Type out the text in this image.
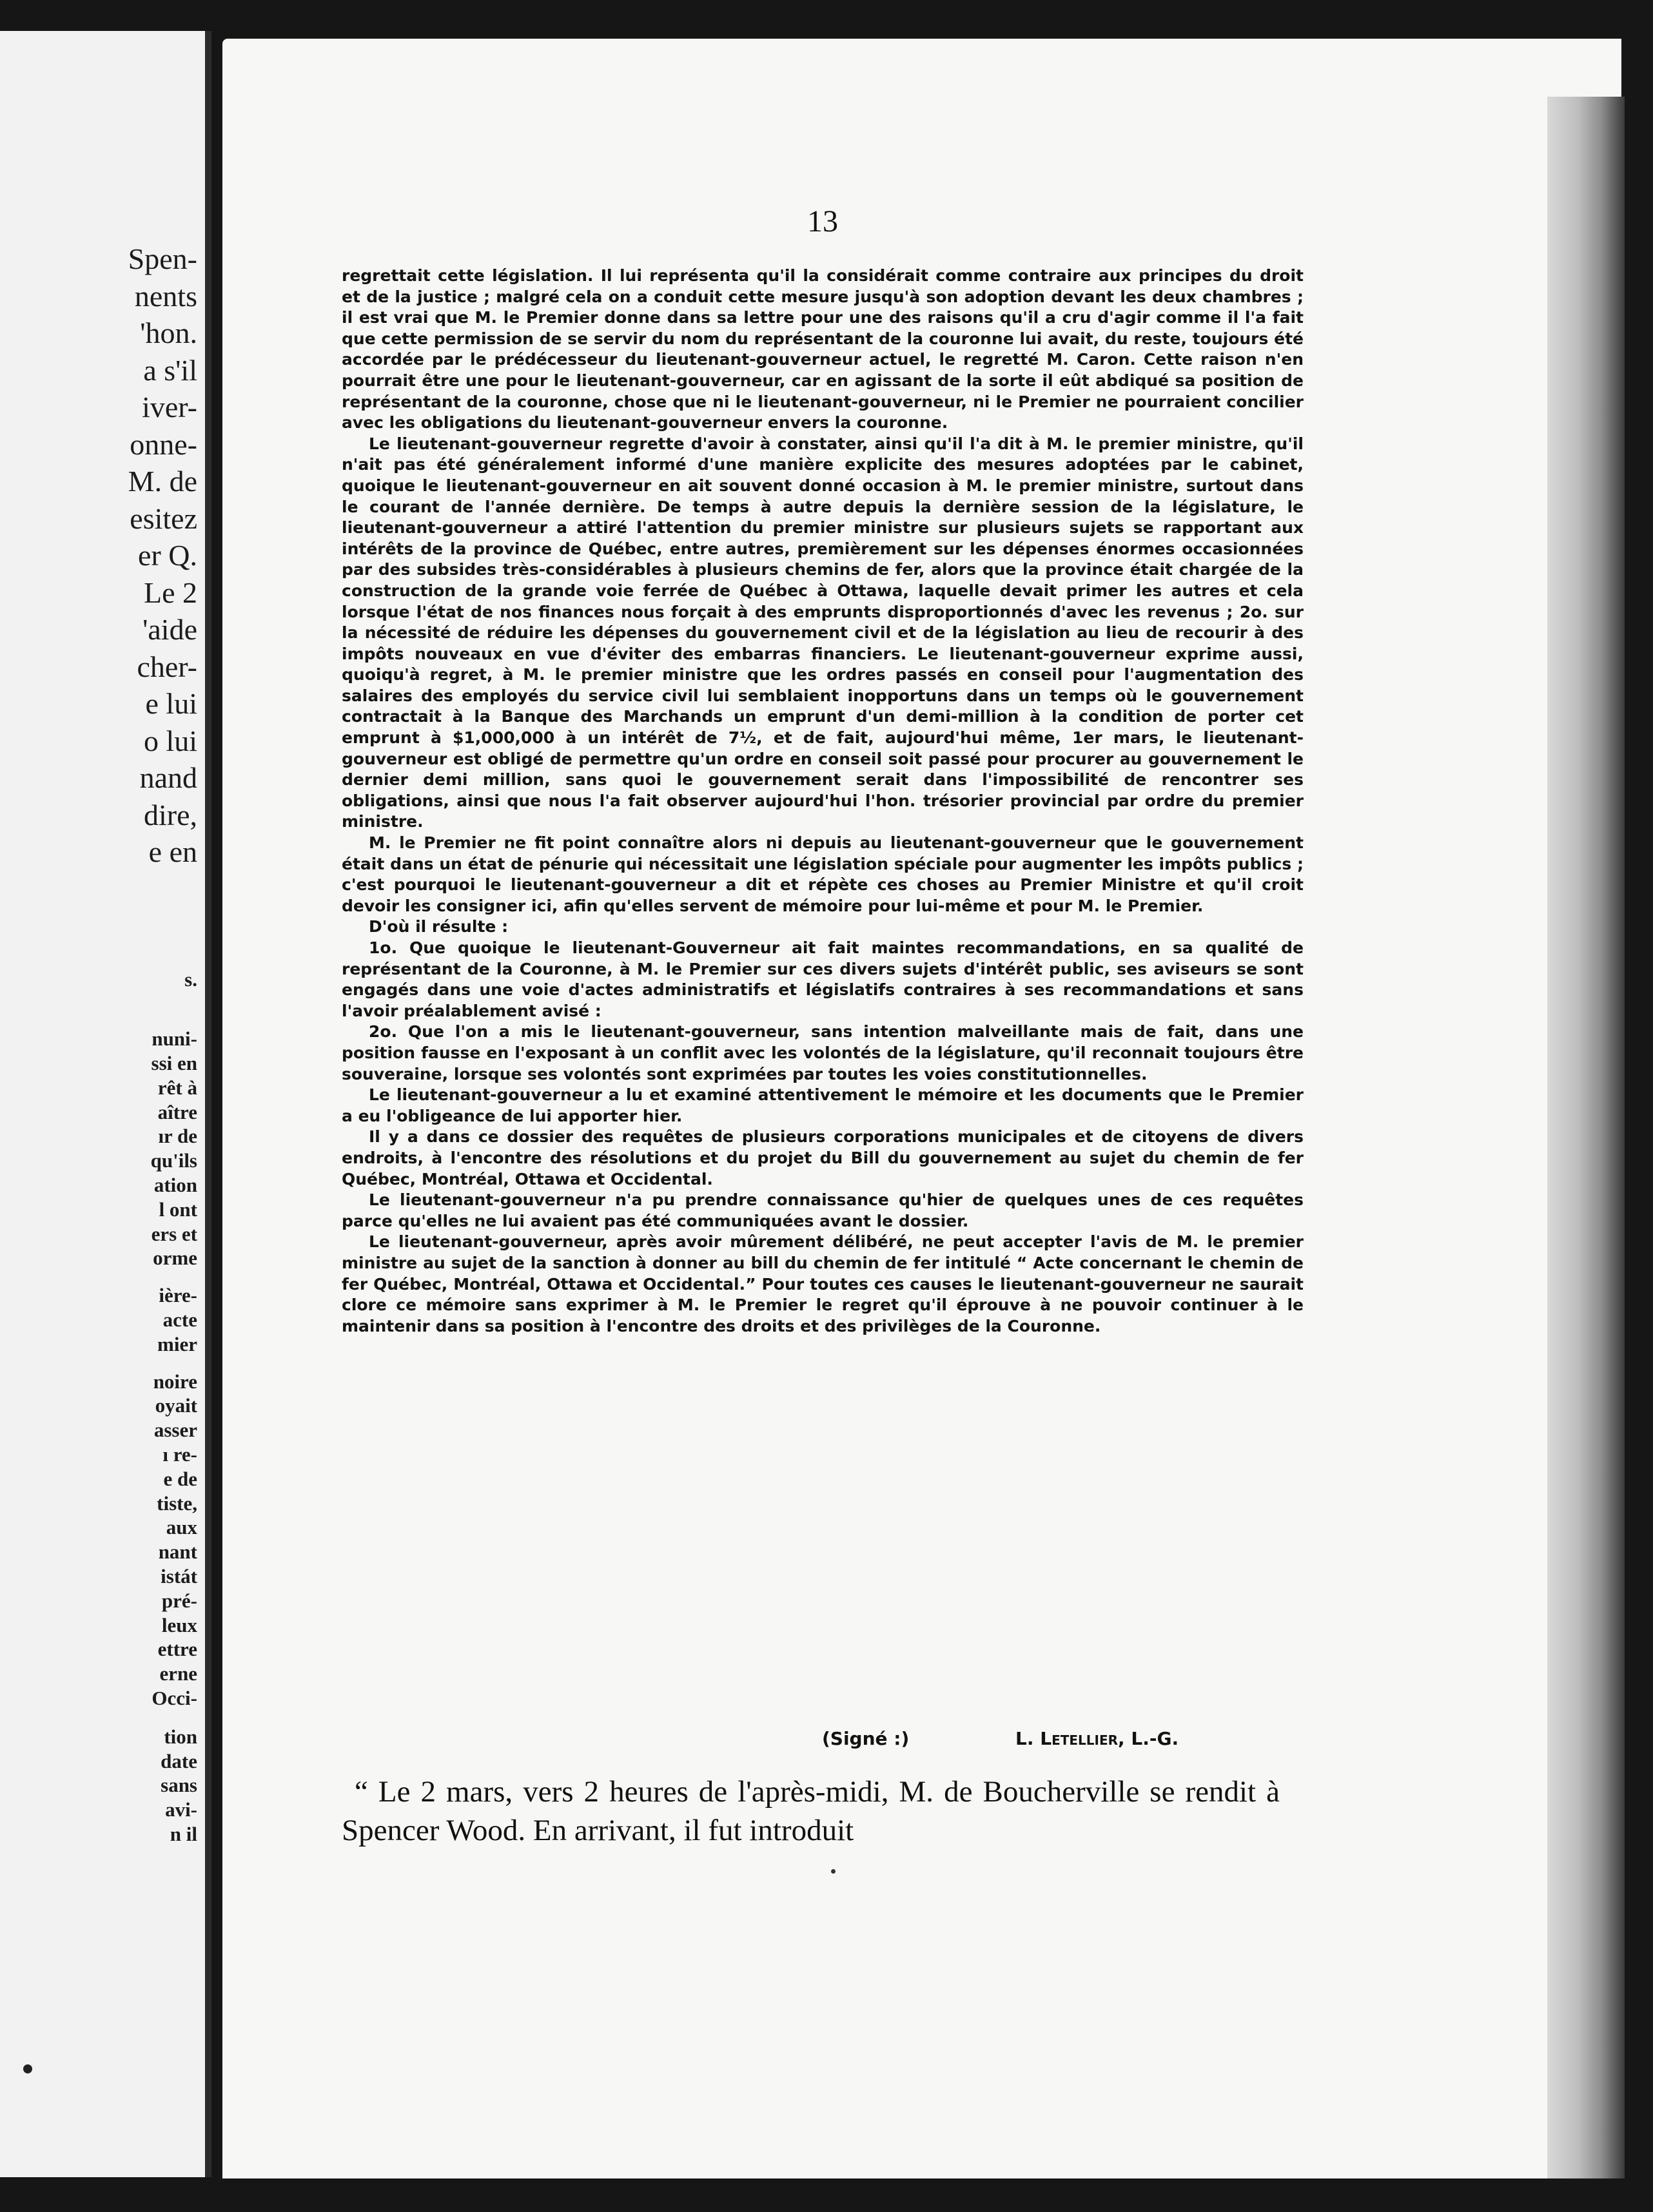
Spen-
nents
'hon.
a s'il
iver-
onne-
M. de
esitez
er Q.
Le 2
'aide
cher-
e lui
o lui
nand
dire,
e en
s.
nuni-
ssi en
rêt à
aître
ır de
qu'ils
ation
l ont
ers et
orme
ière-
acte
mier
noire
oyait
asser
ı re-
e de
tiste,
aux
nant
istát
pré-
leux
ettre
erne
Occi-
tion
date
sans
avi-
n il
13

regrettait cette législation. Il lui représenta qu'il la considérait comme contraire aux principes du droit et de la justice ; malgré cela on a conduit cette mesure jusqu'à son adoption devant les deux chambres ; il est vrai que M. le Premier donne dans sa lettre pour une des raisons qu'il a cru d'agir comme il l'a fait que cette permission de se servir du nom du représentant de la couronne lui avait, du reste, toujours été accordée par le prédécesseur du lieutenant-gouverneur actuel, le regretté M. Caron. Cette raison n'en pourrait être une pour le lieutenant-gouverneur, car en agissant de la sorte il eût abdiqué sa position de représentant de la couronne, chose que ni le lieutenant-gouverneur, ni le Premier ne pourraient concilier avec les obligations du lieutenant-gouverneur envers la couronne.

Le lieutenant-gouverneur regrette d'avoir à constater, ainsi qu'il l'a dit à M. le premier ministre, qu'il n'ait pas été généralement informé d'une manière explicite des mesures adoptées par le cabinet, quoique le lieutenant-gouverneur en ait souvent donné occasion à M. le premier ministre, surtout dans le courant de l'année dernière. De temps à autre depuis la dernière session de la législature, le lieutenant-gouverneur a attiré l'attention du premier ministre sur plusieurs sujets se rapportant aux intérêts de la province de Québec, entre autres, premièrement sur les dépenses énormes occasionnées par des subsides très-considérables à plusieurs chemins de fer, alors que la province était chargée de la construction de la grande voie ferrée de Québec à Ottawa, laquelle devait primer les autres et cela lorsque l'état de nos finances nous forçait à des emprunts disproportionnés d'avec les revenus ; 2o. sur la nécessité de réduire les dépenses du gouvernement civil et de la législation au lieu de recourir à des impôts nouveaux en vue d'éviter des embarras financiers. Le lieutenant-gouverneur exprime aussi, quoiqu'à regret, à M. le premier ministre que les ordres passés en conseil pour l'augmentation des salaires des employés du service civil lui semblaient inopportuns dans un temps où le gouvernement contractait à la Banque des Marchands un emprunt d'un demi-million à la condition de porter cet emprunt à $1,000,000 à un intérêt de 7½, et de fait, aujourd'hui même, 1er mars, le lieutenant-gouverneur est obligé de permettre qu'un ordre en conseil soit passé pour procurer au gouvernement le dernier demi million, sans quoi le gouvernement serait dans l'impossibilité de rencontrer ses obligations, ainsi que nous l'a fait observer aujourd'hui l'hon. trésorier provincial par ordre du premier ministre.

M. le Premier ne fit point connaître alors ni depuis au lieutenant-gouverneur que le gouvernement était dans un état de pénurie qui nécessitait une législation spéciale pour augmenter les impôts publics ; c'est pourquoi le lieutenant-gouverneur a dit et répète ces choses au Premier Ministre et qu'il croit devoir les consigner ici, afin qu'elles servent de mémoire pour lui-même et pour M. le Premier.

D'où il résulte :

1o. Que quoique le lieutenant-Gouverneur ait fait maintes recommandations, en sa qualité de représentant de la Couronne, à M. le Premier sur ces divers sujets d'intérêt public, ses aviseurs se sont engagés dans une voie d'actes administratifs et législatifs contraires à ses recommandations et sans l'avoir préalablement avisé :

2o. Que l'on a mis le lieutenant-gouverneur, sans intention malveillante mais de fait, dans une position fausse en l'exposant à un conflit avec les volontés de la législature, qu'il reconnait toujours être souveraine, lorsque ses volontés sont exprimées par toutes les voies constitutionnelles.

Le lieutenant-gouverneur a lu et examiné attentivement le mémoire et les documents que le Premier a eu l'obligeance de lui apporter hier.

Il y a dans ce dossier des requêtes de plusieurs corporations municipales et de citoyens de divers endroits, à l'encontre des résolutions et du projet du Bill du gouvernement au sujet du chemin de fer Québec, Montréal, Ottawa et Occidental.

Le lieutenant-gouverneur n'a pu prendre connaissance qu'hier de quelques unes de ces requêtes parce qu'elles ne lui avaient pas été communiquées avant le dossier.

Le lieutenant-gouverneur, après avoir mûrement délibéré, ne peut accepter l'avis de M. le premier ministre au sujet de la sanction à donner au bill du chemin de fer intitulé “ Acte concernant le chemin de fer Québec, Montréal, Ottawa et Occidental.” Pour toutes ces causes le lieutenant-gouverneur ne saurait clore ce mémoire sans exprimer à M. le Premier le regret qu'il éprouve à ne pouvoir continuer à le maintenir dans sa position à l'encontre des droits et des privilèges de la Couronne.

(Signé :)	L. Letellier, L.-G.

“ Le 2 mars, vers 2 heures de l'après-midi, M. de Boucherville se rendit à Spencer Wood. En arrivant, il fut introduit
